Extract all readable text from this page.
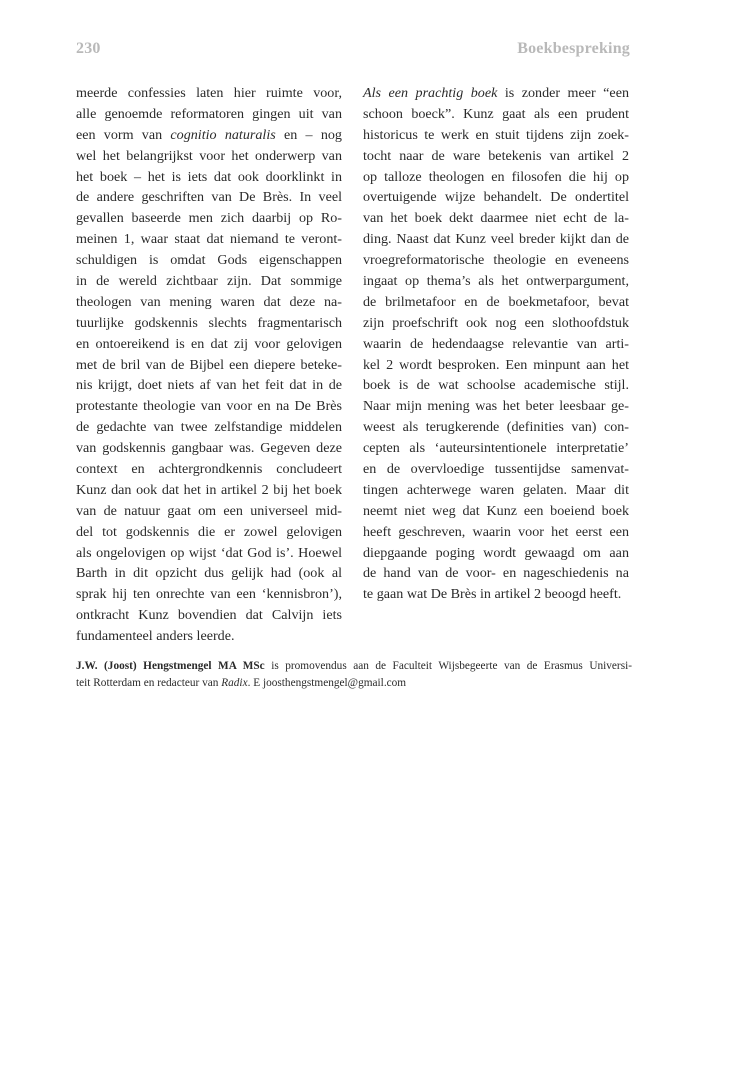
230	Boekbespreking
meerde confessies laten hier ruimte voor,
alle genoemde reformatoren gingen uit van
een vorm van cognitio naturalis en – nog
wel het belangrijkst voor het onderwerp van
het boek – het is iets dat ook doorklinkt in
de andere geschriften van De Brès. In veel
gevallen baseerde men zich daarbij op Ro-
meinen 1, waar staat dat niemand te veront-
schuldigen is omdat Gods eigenschappen
in de wereld zichtbaar zijn. Dat sommige
theologen van mening waren dat deze na-
tuurlijke godskennis slechts fragmentarisch
en ontoereikend is en dat zij voor gelovigen
met de bril van de Bijbel een diepere beteke-
nis krijgt, doet niets af van het feit dat in de
protestante theologie van voor en na De Brès
de gedachte van twee zelfstandige middelen
van godskennis gangbaar was. Gegeven deze
context en achtergrondkennis concludeert
Kunz dan ook dat het in artikel 2 bij het boek
van de natuur gaat om een universeel mid-
del tot godskennis die er zowel gelovigen
als ongelovigen op wijst ‘dat God is’. Hoewel
Barth in dit opzicht dus gelijk had (ook al
sprak hij ten onrechte van een ‘kennisbron’),
ontkracht Kunz bovendien dat Calvijn iets
fundamenteel anders leerde.
Als een prachtig boek is zonder meer “een
schoon boeck”. Kunz gaat als een prudent
historicus te werk en stuit tijdens zijn zoek-
tocht naar de ware betekenis van artikel 2
op talloze theologen en filosofen die hij op
overtuigende wijze behandelt. De ondertitel
van het boek dekt daarmee niet echt de la-
ding. Naast dat Kunz veel breder kijkt dan de
vroegreformatorische theologie en eveneens
ingaat op thema’s als het ontwerpargument,
de brilmetafoor en de boekmetafoor, bevat
zijn proefschrift ook nog een slothoofdstuk
waarin de hedendaagse relevantie van arti-
kel 2 wordt besproken. Een minpunt aan het
boek is de wat schoolse academische stijl.
Naar mijn mening was het beter leesbaar ge-
weest als terugkerende (definities van) con-
cepten als ‘auteursintentionele interpretatie’
en de overvloedige tussentijdse samenvat-
tingen achterwege waren gelaten. Maar dit
neemt niet weg dat Kunz een boeiend boek
heeft geschreven, waarin voor het eerst een
diepgaande poging wordt gewaagd om aan
de hand van de voor- en nageschiedenis na
te gaan wat De Brès in artikel 2 beoogd heeft.
J.W. (Joost) Hengstmengel MA MSc is promovendus aan de Faculteit Wijsbegeerte van de Erasmus Universi-
teit Rotterdam en redacteur van Radix. E joosthengstmengel@gmail.com
